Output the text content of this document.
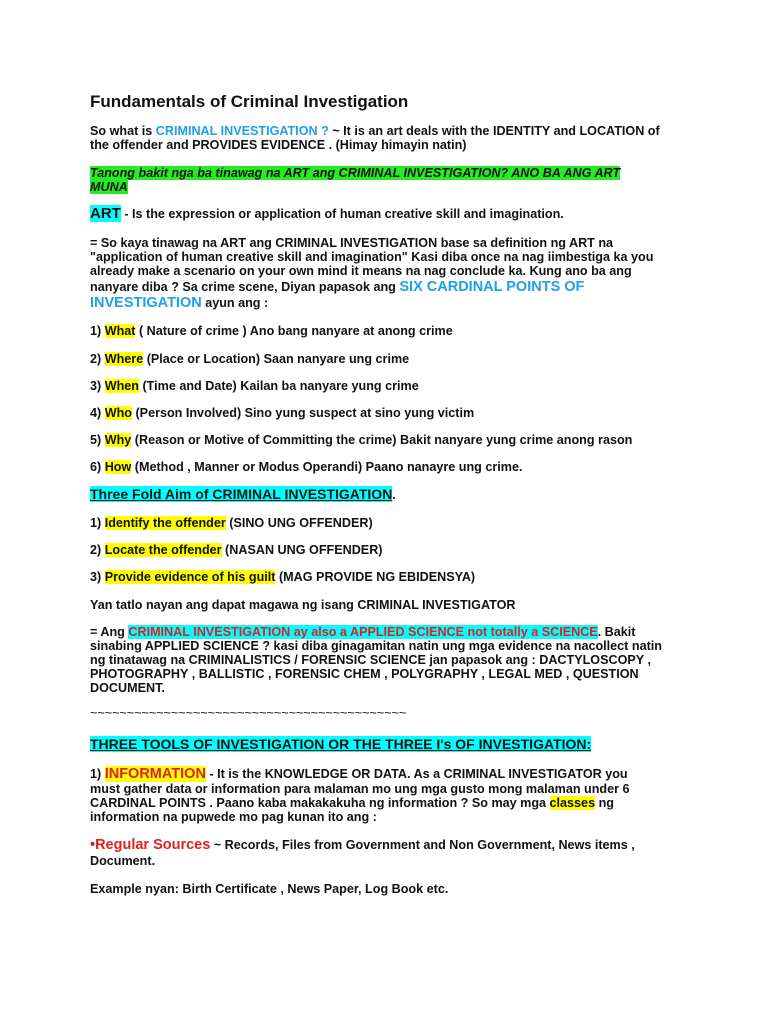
Fundamentals of Criminal Investigation
So what is CRIMINAL INVESTIGATION ? ~ It is an art deals with the IDENTITY and LOCATION of
the offender and PROVIDES EVIDENCE . (Himay himayin natin)
Tanong bakit nga ba tinawag na ART ang CRIMINAL INVESTIGATION? ANO BA ANG ART
MUNA
ART - Is the expression or application of human creative skill and imagination.
= So kaya tinawag na ART ang CRIMINAL INVESTIGATION base sa definition ng ART na
"application of human creative skill and imagination" Kasi diba once na nag iimbestiga ka you
already make a scenario on your own mind it means na nag conclude ka. Kung ano ba ang
nanyare diba ? Sa crime scene, Diyan papasok ang SIX CARDINAL POINTS OF
INVESTIGATION ayun ang :
1) What ( Nature of crime ) Ano bang nanyare at anong crime
2) Where (Place or Location) Saan nanyare ung crime
3) When (Time and Date) Kailan ba nanyare yung crime
4) Who (Person Involved) Sino yung suspect at sino yung victim
5) Why (Reason or Motive of Committing the crime) Bakit nanyare yung crime anong rason
6) How (Method , Manner or Modus Operandi) Paano nanayre ung crime.
Three Fold Aim of CRIMINAL INVESTIGATION.
1) Identify the offender (SINO UNG OFFENDER)
2) Locate the offender (NASAN UNG OFFENDER)
3) Provide evidence of his guilt (MAG PROVIDE NG EBIDENSYA)
Yan tatlo nayan ang dapat magawa ng isang CRIMINAL INVESTIGATOR
= Ang CRIMINAL INVESTIGATION ay also a APPLIED SCIENCE not totally a SCIENCE. Bakit
sinabing APPLIED SCIENCE ? kasi diba ginagamitan natin ung mga evidence na nacollect natin
ng tinatawag na CRIMINALISTICS / FORENSIC SCIENCE jan papasok ang : DACTYLOSCOPY ,
PHOTOGRAPHY , BALLISTIC , FORENSIC CHEM , POLYGRAPHY , LEGAL MED , QUESTION
DOCUMENT.
~~~~~~~~~~~~~~~~~~~~~~~~~~~~~~~~~~~~~~~~~~~
THREE TOOLS OF INVESTIGATION OR THE THREE I's OF INVESTIGATION:
1) INFORMATION - It is the KNOWLEDGE OR DATA. As a CRIMINAL INVESTIGATOR you
must gather data or information para malaman mo ung mga gusto mong malaman under 6
CARDINAL POINTS . Paano kaba makakakuha ng information ? So may mga classes ng
information na pupwede mo pag kunan ito ang :
•Regular Sources ~ Records, Files from Government and Non Government, News items ,
Document.
Example nyan: Birth Certificate , News Paper, Log Book etc.
